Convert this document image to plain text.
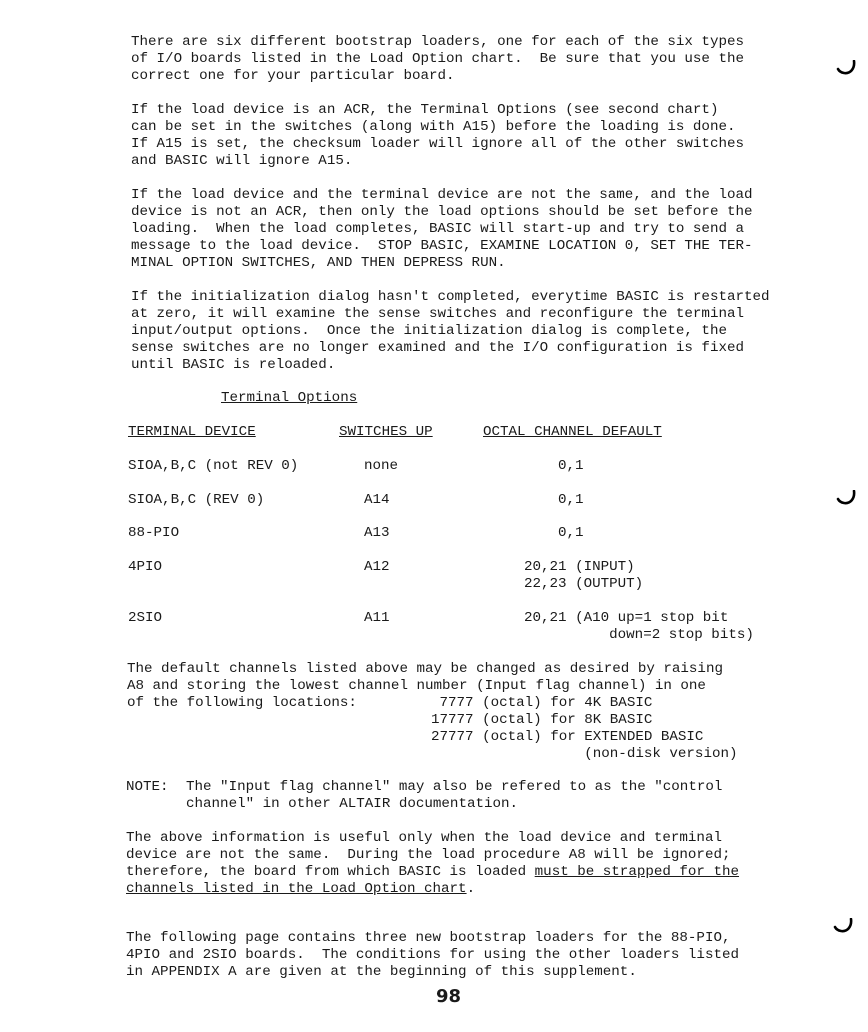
There are six different bootstrap loaders, one for each of the six types
of I/O boards listed in the Load Option chart.  Be sure that you use the
correct one for your particular board.

If the load device is an ACR, the Terminal Options (see second chart)
can be set in the switches (along with A15) before the loading is done.
If A15 is set, the checksum loader will ignore all of the other switches
and BASIC will ignore A15.

If the load device and the terminal device are not the same, and the load
device is not an ACR, then only the load options should be set before the
loading.  When the load completes, BASIC will start-up and try to send a
message to the load device.  STOP BASIC, EXAMINE LOCATION 0, SET THE TER-
MINAL OPTION SWITCHES, AND THEN DEPRESS RUN.

If the initialization dialog hasn't completed, everytime BASIC is restarted
at zero, it will examine the sense switches and reconfigure the terminal
input/output options.  Once the initialization dialog is complete, the
sense switches are no longer examined and the I/O configuration is fixed
until BASIC is reloaded.

Terminal Options
TERMINAL DEVICE	SWITCHES UP	OCTAL CHANNEL DEFAULT
SIOA,B,C (not REV 0)	none	0,1
SIOA,B,C (REV 0)	A14	0,1
88-PIO	A13	0,1
4PIO	A12	20,21 (INPUT)
22,23 (OUTPUT)
2SIO	A11	20,21 (A10 up=1 stop bit
down=2 stop bits)
The default channels listed above may be changed as desired by raising
A8 and storing the lowest channel number (Input flag channel) in one
of the following locations:	7777 (octal) for 4K BASIC
17777 (octal) for 8K BASIC
27777 (octal) for EXTENDED BASIC
(non-disk version)
NOTE: The "Input flag channel" may also be refered to as the "control
channel" in other ALTAIR documentation.

The above information is useful only when the load device and terminal
device are not the same.  During the load procedure A8 will be ignored;
therefore, the board from which BASIC is loaded must be strapped for the
channels listed in the Load Option chart.

The following page contains three new bootstrap loaders for the 88-PIO,
4PIO and 2SIO boards.  The conditions for using the other loaders listed
in APPENDIX A are given at the beginning of this supplement.

98
